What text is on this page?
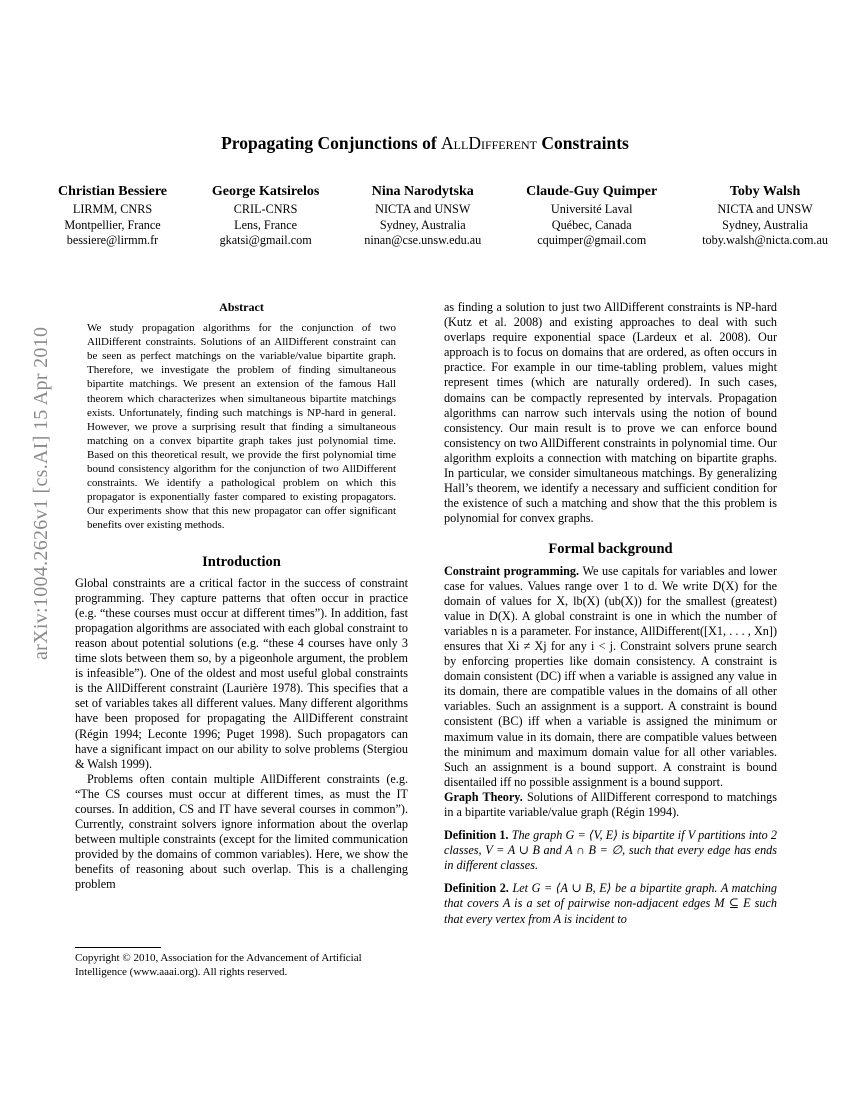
arXiv:1004.2626v1 [cs.AI] 15 Apr 2010
Propagating Conjunctions of AllDifferent Constraints
Christian Bessiere
LIRMM, CNRS
Montpellier, France
bessiere@lirmm.fr
George Katsirelos
CRIL-CNRS
Lens, France
gkatsi@gmail.com
Nina Narodytska
NICTA and UNSW
Sydney, Australia
ninan@cse.unsw.edu.au
Claude-Guy Quimper
Université Laval
Québec, Canada
cquimper@gmail.com
Toby Walsh
NICTA and UNSW
Sydney, Australia
toby.walsh@nicta.com.au
Abstract

We study propagation algorithms for the conjunction of two AllDifferent constraints. Solutions of an AllDifferent constraint can be seen as perfect matchings on the variable/value bipartite graph. Therefore, we investigate the problem of finding simultaneous bipartite matchings. We present an extension of the famous Hall theorem which characterizes when simultaneous bipartite matchings exists. Unfortunately, finding such matchings is NP-hard in general. However, we prove a surprising result that finding a simultaneous matching on a convex bipartite graph takes just polynomial time. Based on this theoretical result, we provide the first polynomial time bound consistency algorithm for the conjunction of two AllDifferent constraints. We identify a pathological problem on which this propagator is exponentially faster compared to existing propagators. Our experiments show that this new propagator can offer significant benefits over existing methods.

Introduction

Global constraints are a critical factor in the success of constraint programming. They capture patterns that often occur in practice (e.g. “these courses must occur at different times”). In addition, fast propagation algorithms are associated with each global constraint to reason about potential solutions (e.g. “these 4 courses have only 3 time slots between them so, by a pigeonhole argument, the problem is infeasible”). One of the oldest and most useful global constraints is the AllDifferent constraint (Laurière 1978). This specifies that a set of variables takes all different values. Many different algorithms have been proposed for propagating the AllDifferent constraint (Régin 1994; Leconte 1996; Puget 1998). Such propagators can have a significant impact on our ability to solve problems (Stergiou & Walsh 1999).

Problems often contain multiple AllDifferent constraints (e.g. “The CS courses must occur at different times, as must the IT courses. In addition, CS and IT have several courses in common”). Currently, constraint solvers ignore information about the overlap between multiple constraints (except for the limited communication provided by the domains of common variables). Here, we show the benefits of reasoning about such overlap. This is a challenging problem

as finding a solution to just two AllDifferent constraints is NP-hard (Kutz et al. 2008) and existing approaches to deal with such overlaps require exponential space (Lardeux et al. 2008). Our approach is to focus on domains that are ordered, as often occurs in practice. For example in our time-tabling problem, values might represent times (which are naturally ordered). In such cases, domains can be compactly represented by intervals. Propagation algorithms can narrow such intervals using the notion of bound consistency. Our main result is to prove we can enforce bound consistency on two AllDifferent constraints in polynomial time. Our algorithm exploits a connection with matching on bipartite graphs. In particular, we consider simultaneous matchings. By generalizing Hall’s theorem, we identify a necessary and sufficient condition for the existence of such a matching and show that the this problem is polynomial for convex graphs.

Formal background

Constraint programming. We use capitals for variables and lower case for values. Values range over 1 to d. We write D(X) for the domain of values for X, lb(X) (ub(X)) for the smallest (greatest) value in D(X). A global constraint is one in which the number of variables n is a parameter. For instance, AllDifferent([X1, . . . , Xn]) ensures that Xi ≠ Xj for any i < j. Constraint solvers prune search by enforcing properties like domain consistency. A constraint is domain consistent (DC) iff when a variable is assigned any value in its domain, there are compatible values in the domains of all other variables. Such an assignment is a support. A constraint is bound consistent (BC) iff when a variable is assigned the minimum or maximum value in its domain, there are compatible values between the minimum and maximum domain value for all other variables. Such an assignment is a bound support. A constraint is bound disentailed iff no possible assignment is a bound support.

Graph Theory. Solutions of AllDifferent correspond to matchings in a bipartite variable/value graph (Régin 1994).

Definition 1. The graph G = ⟨V, E⟩ is bipartite if V partitions into 2 classes, V = A ∪ B and A ∩ B = ∅, such that every edge has ends in different classes.

Definition 2. Let G = ⟨A ∪ B, E⟩ be a bipartite graph. A matching that covers A is a set of pairwise non-adjacent edges M ⊆ E such that every vertex from A is incident to

Copyright © 2010, Association for the Advancement of Artificial Intelligence (www.aaai.org). All rights reserved.
